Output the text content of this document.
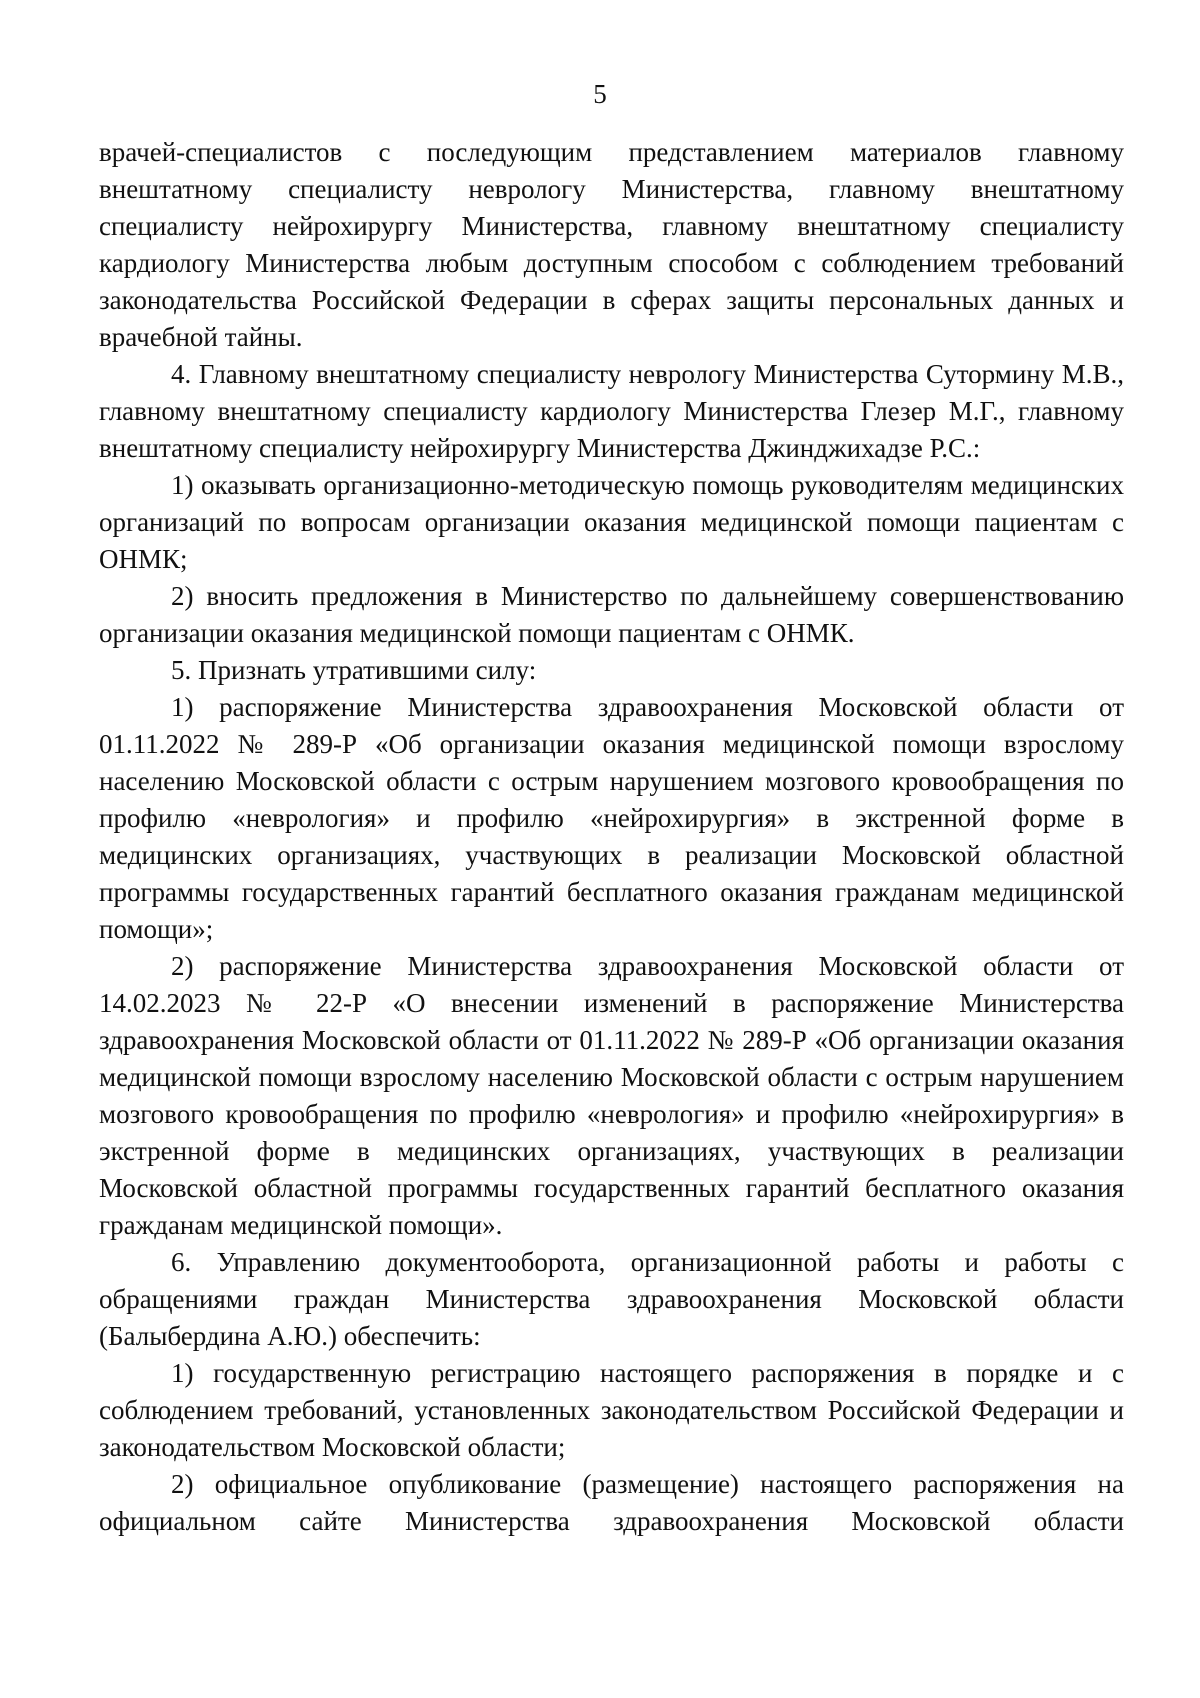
5

врачей-специалистов с последующим представлением материалов главному внештатному специалисту неврологу Министерства, главному внештатному специалисту нейрохирургу Министерства, главному внештатному специалисту кардиологу Министерства любым доступным способом с соблюдением требований законодательства Российской Федерации в сферах защиты персональных данных и врачебной тайны.

4. Главному внештатному специалисту неврологу Министерства Сутормину М.В., главному внештатному специалисту кардиологу Министерства Глезер М.Г., главному внештатному специалисту нейрохирургу Министерства Джинджихадзе Р.С.:

1) оказывать организационно-методическую помощь руководителям медицинских организаций по вопросам организации оказания медицинской помощи пациентам с ОНМК;

2) вносить предложения в Министерство по дальнейшему совершенствованию организации оказания медицинской помощи пациентам с ОНМК.

5. Признать утратившими силу:

1) распоряжение Министерства здравоохранения Московской области от 01.11.2022 № 289-Р «Об организации оказания медицинской помощи взрослому населению Московской области с острым нарушением мозгового кровообращения по профилю «неврология» и профилю «нейрохирургия» в экстренной форме в медицинских организациях, участвующих в реализации Московской областной программы государственных гарантий бесплатного оказания гражданам медицинской помощи»;

2) распоряжение Министерства здравоохранения Московской области от 14.02.2023 № 22-Р «О внесении изменений в распоряжение Министерства здравоохранения Московской области от 01.11.2022 № 289-Р «Об организации оказания медицинской помощи взрослому населению Московской области с острым нарушением мозгового кровообращения по профилю «неврология» и профилю «нейрохирургия» в экстренной форме в медицинских организациях, участвующих в реализации Московской областной программы государственных гарантий бесплатного оказания гражданам медицинской помощи».

6. Управлению документооборота, организационной работы и работы с обращениями граждан Министерства здравоохранения Московской области (Балыбердина А.Ю.) обеспечить:

1) государственную регистрацию настоящего распоряжения в порядке и с соблюдением требований, установленных законодательством Российской Федерации и законодательством Московской области;

2) официальное опубликование (размещение) настоящего распоряжения на официальном сайте Министерства здравоохранения Московской области
